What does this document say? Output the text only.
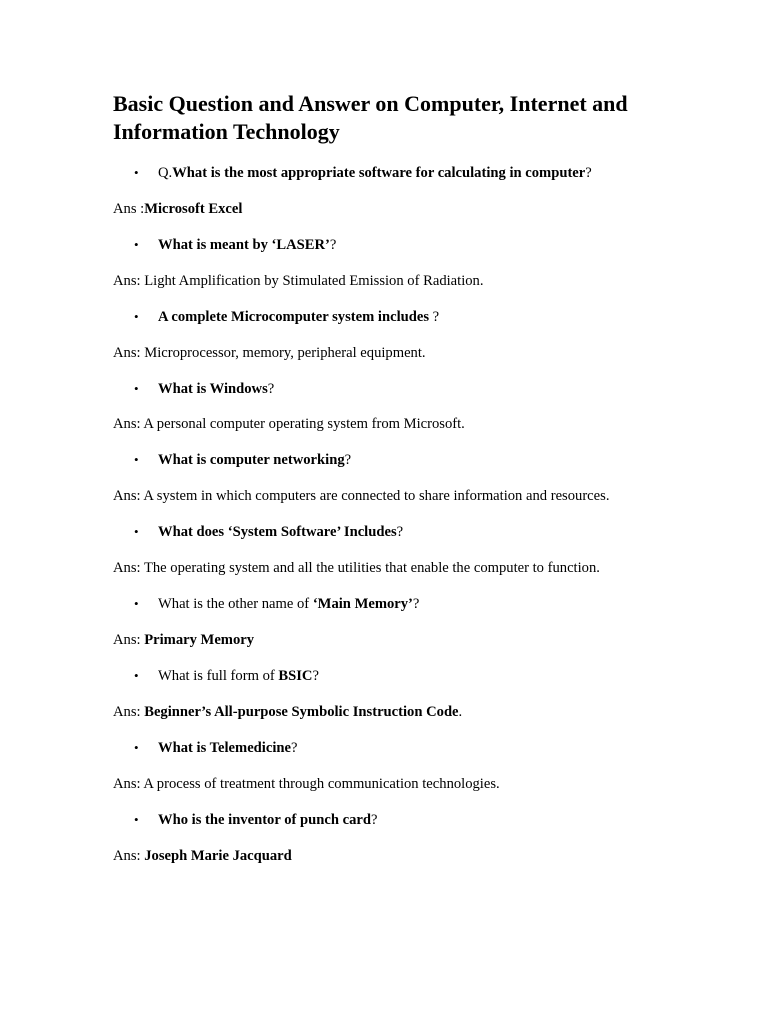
Basic Question and Answer on Computer, Internet and
Information Technology
• Q.What is the most appropriate software for calculating in computer?
Ans :Microsoft Excel
• What is meant by ‘LASER’?
Ans: Light Amplification by Stimulated Emission of Radiation.
• A complete Microcomputer system includes ?
Ans: Microprocessor, memory, peripheral equipment.
• What is Windows?
Ans: A personal computer operating system from Microsoft.
• What is computer networking?
Ans: A system in which computers are connected to share information and resources.
• What does ‘System Software’ Includes?
Ans: The operating system and all the utilities that enable the computer to function.
• What is the other name of ‘Main Memory’?
Ans: Primary Memory
• What is full form of BSIC?
Ans: Beginner’s All-purpose Symbolic Instruction Code.
• What is Telemedicine?
Ans: A process of treatment through communication technologies.
• Who is the inventor of punch card?
Ans: Joseph Marie Jacquard
